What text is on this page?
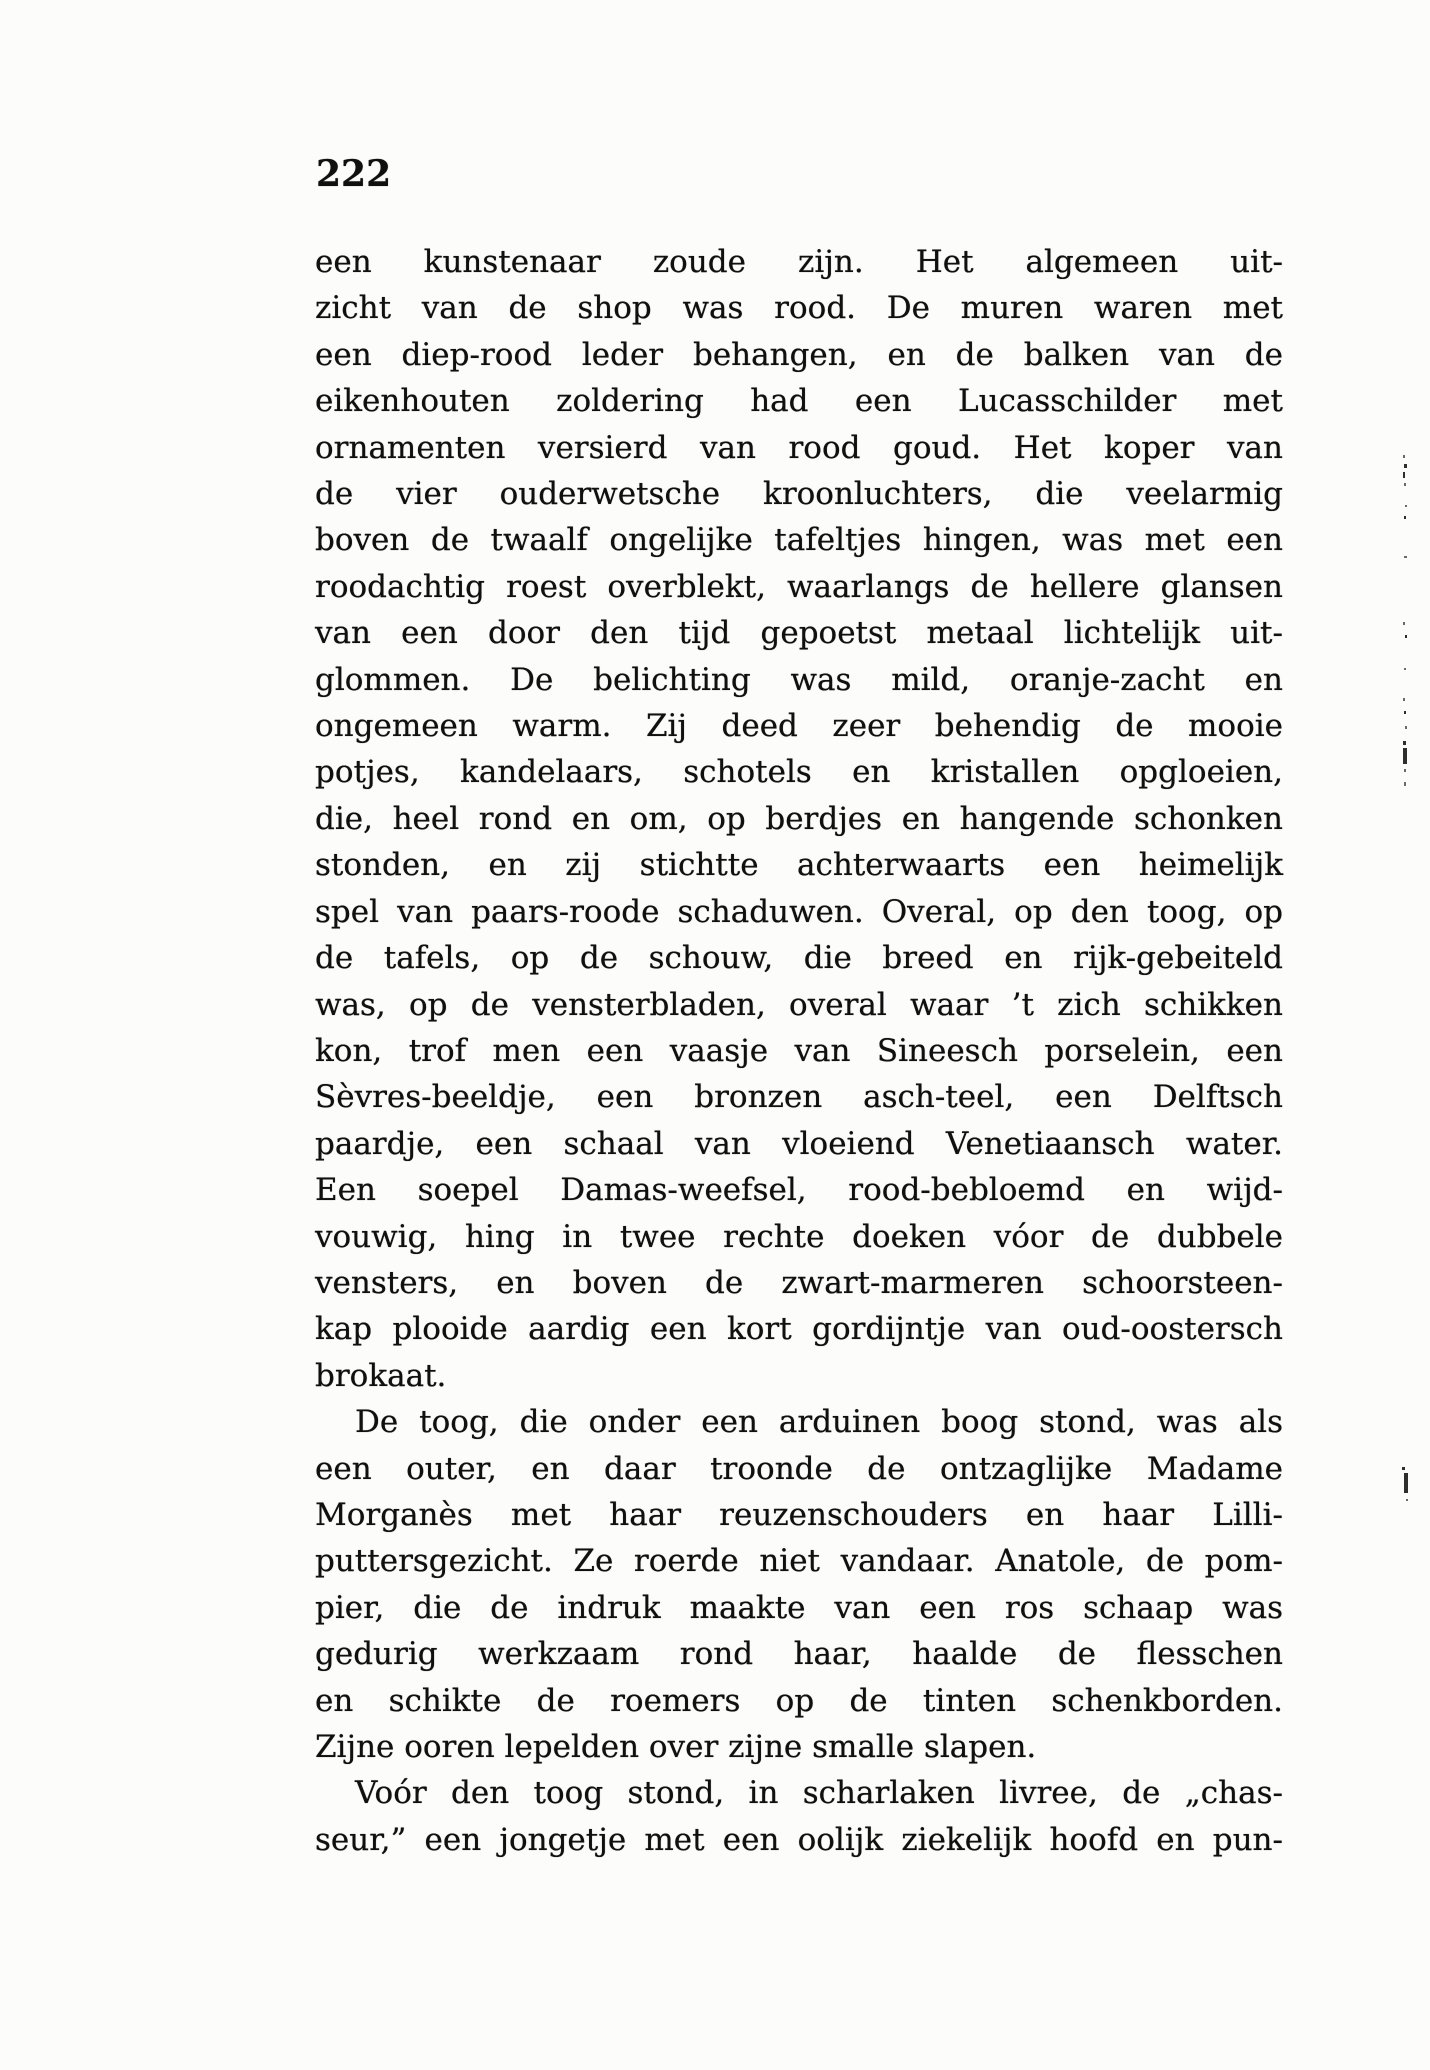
222
een kunstenaar zoude zijn. Het algemeen uit-
zicht van de shop was rood. De muren waren met
een diep-rood leder behangen, en de balken van de
eikenhouten zoldering had een Lucasschilder met
ornamenten versierd van rood goud. Het koper van
de vier ouderwetsche kroonluchters, die veelarmig
boven de twaalf ongelijke tafeltjes hingen, was met een
roodachtig roest overblekt, waarlangs de hellere glansen
van een door den tijd gepoetst metaal lichtelijk uit-
glommen. De belichting was mild, oranje-zacht en
ongemeen warm. Zij deed zeer behendig de mooie
potjes, kandelaars, schotels en kristallen opgloeien,
die, heel rond en om, op berdjes en hangende schonken
stonden, en zij stichtte achterwaarts een heimelijk
spel van paars-roode schaduwen. Overal, op den toog, op
de tafels, op de schouw, die breed en rijk-gebeiteld
was, op de vensterbladen, overal waar ’t zich schikken
kon, trof men een vaasje van Sineesch porselein, een
Sèvres-beeldje, een bronzen asch-teel, een Delftsch
paardje, een schaal van vloeiend Venetiaansch water.
Een soepel Damas-weefsel, rood-bebloemd en wijd-
vouwig, hing in twee rechte doeken vóor de dubbele
vensters, en boven de zwart-marmeren schoorsteen-
kap plooide aardig een kort gordijntje van oud-oostersch
brokaat.
De toog, die onder een arduinen boog stond, was als
een outer, en daar troonde de ontzaglijke Madame
Morganès met haar reuzenschouders en haar Lilli-
puttersgezicht. Ze roerde niet vandaar. Anatole, de pom-
pier, die de indruk maakte van een ros schaap was
gedurig werkzaam rond haar, haalde de flesschen
en schikte de roemers op de tinten schenkborden.
Zijne ooren lepelden over zijne smalle slapen.
Voór den toog stond, in scharlaken livree, de „chas-
seur,” een jongetje met een oolijk ziekelijk hoofd en pun-
